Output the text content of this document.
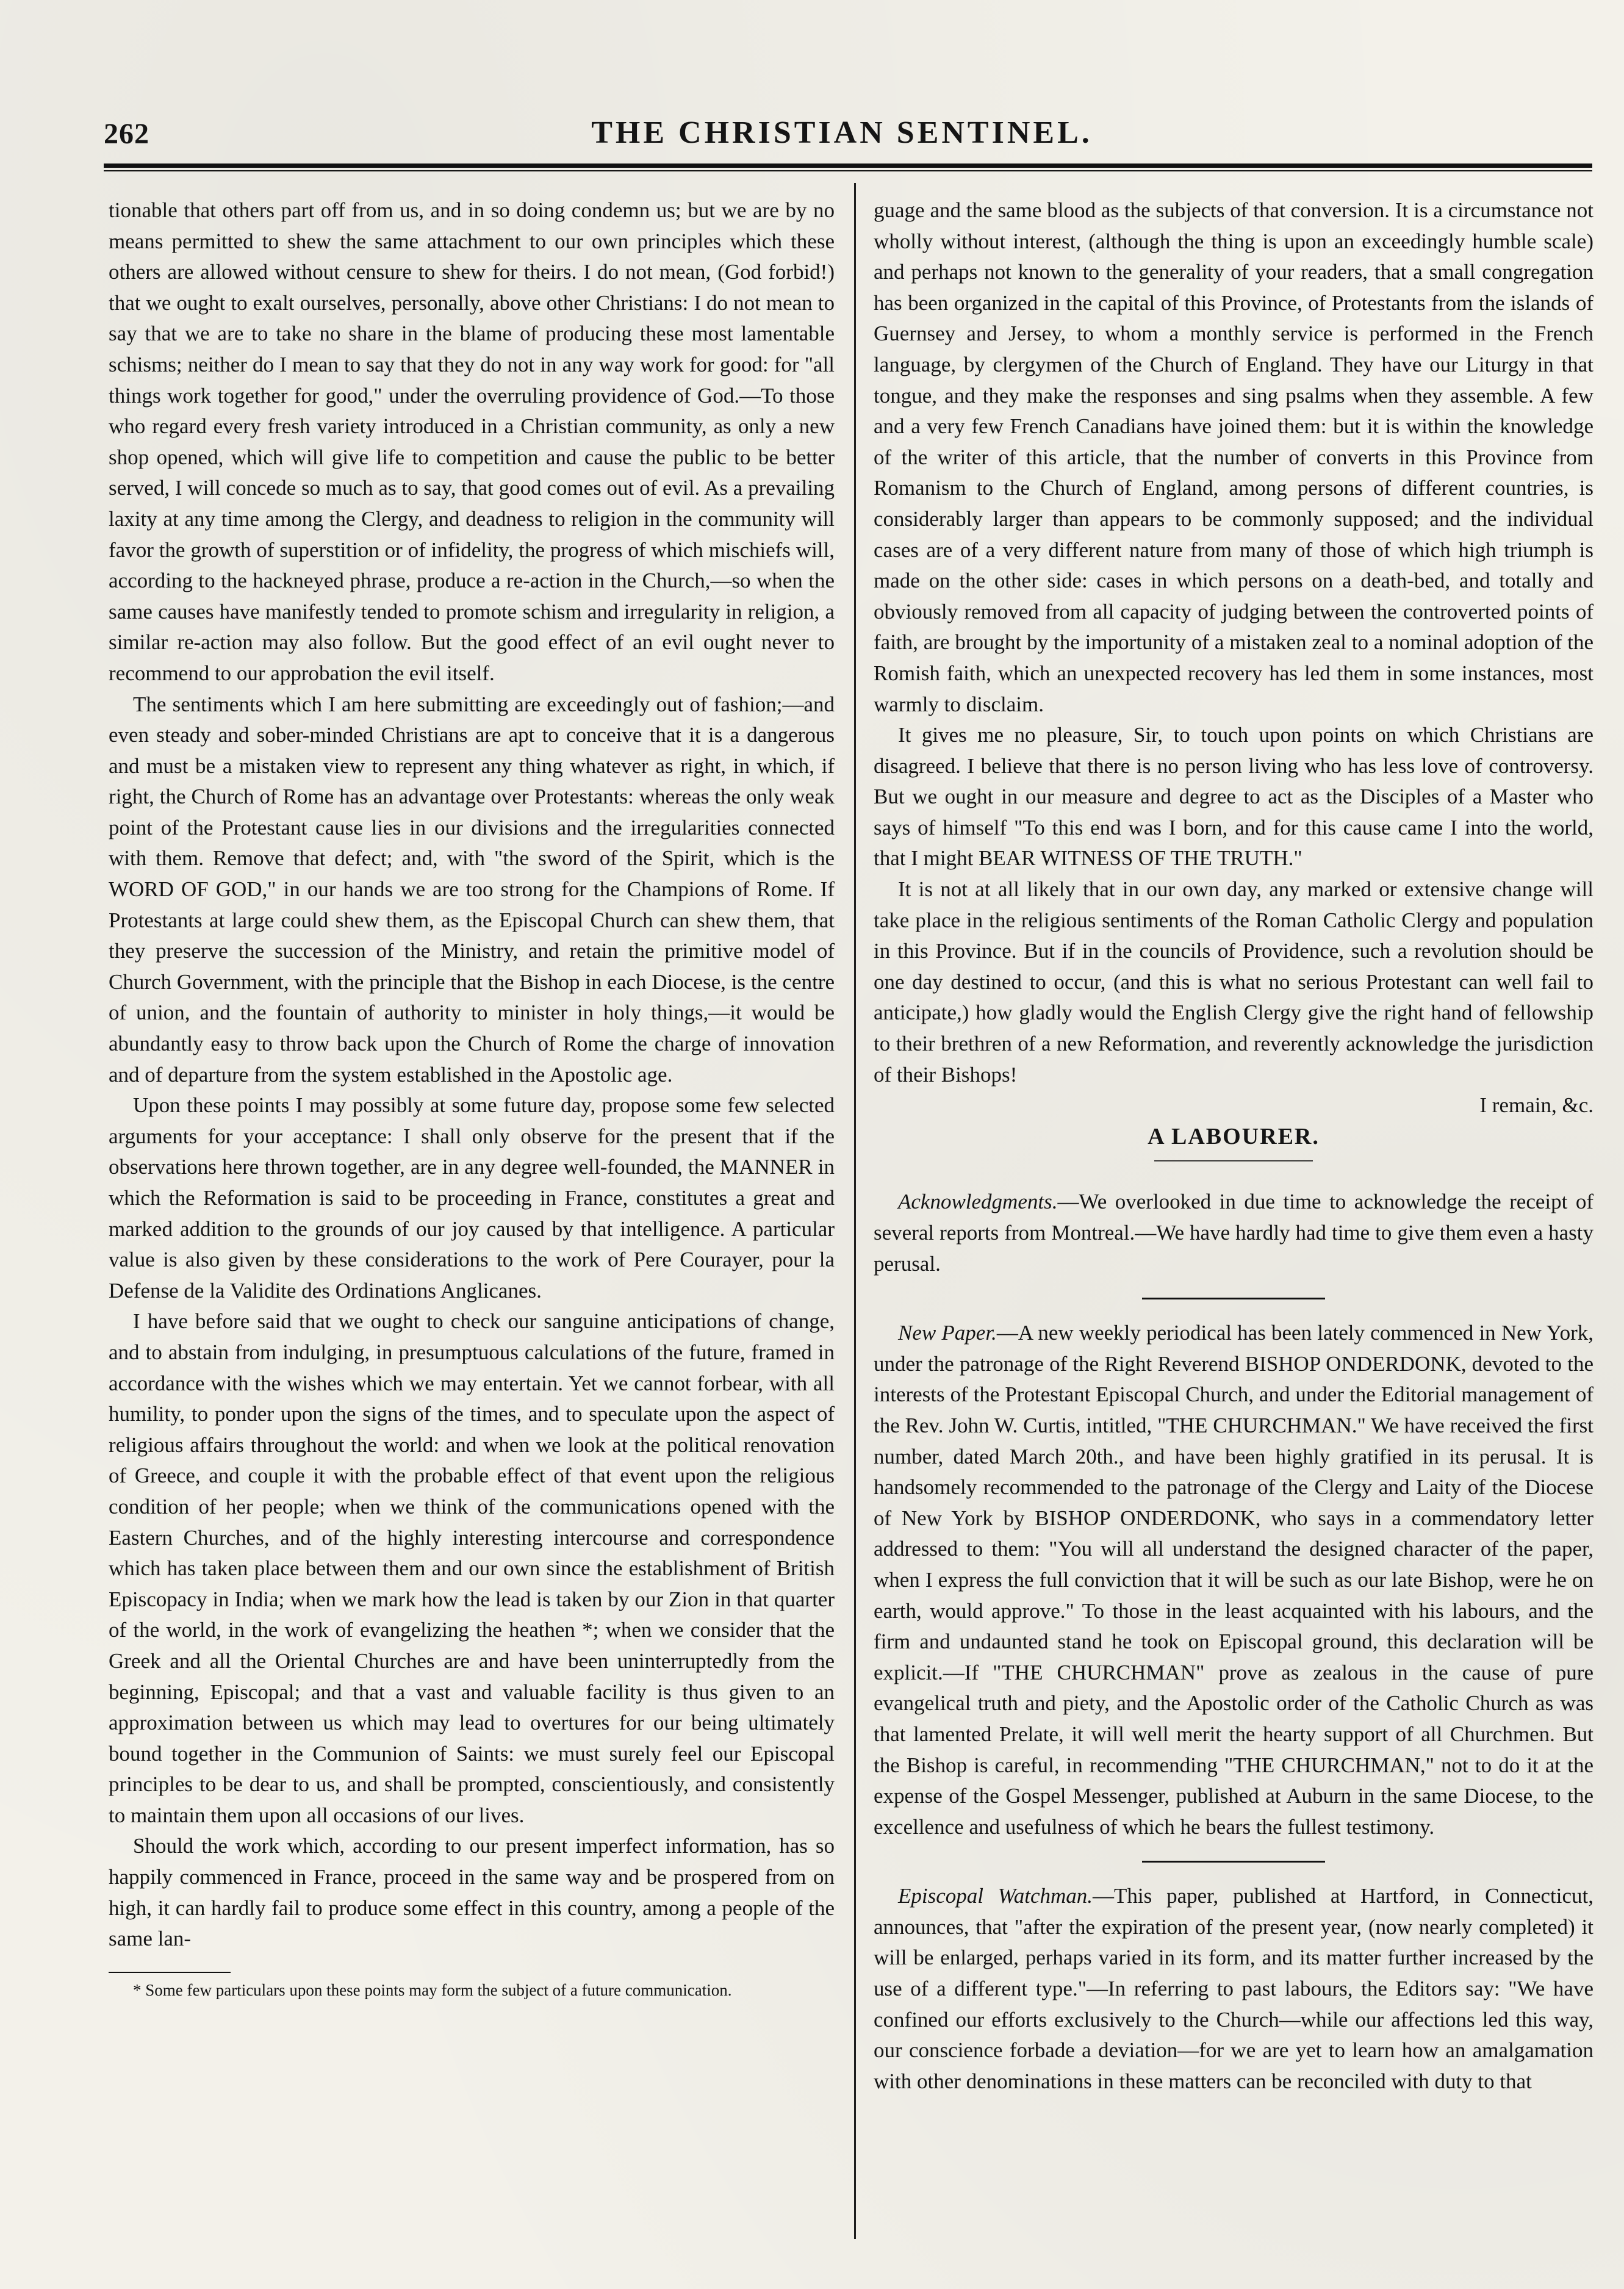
262	THE CHRISTIAN SENTINEL.

tionable that others part off from us, and in so doing condemn us; but we are by no means permitted to shew the same attachment to our own principles which these others are allowed without censure to shew for theirs. I do not mean, (God forbid!) that we ought to exalt ourselves, personally, above other Christians: I do not mean to say that we are to take no share in the blame of producing these most lamentable schisms; neither do I mean to say that they do not in any way work for good: for "all things work together for good," under the overruling providence of God.—To those who regard every fresh variety introduced in a Christian community, as only a new shop opened, which will give life to competition and cause the public to be better served, I will concede so much as to say, that good comes out of evil. As a prevailing laxity at any time among the Clergy, and deadness to religion in the community will favor the growth of superstition or of infidelity, the progress of which mischiefs will, according to the hackneyed phrase, produce a re-action in the Church,—so when the same causes have manifestly tended to promote schism and irregularity in religion, a similar re-action may also follow. But the good effect of an evil ought never to recommend to our approbation the evil itself.

The sentiments which I am here submitting are exceedingly out of fashion;—and even steady and sober-minded Christians are apt to conceive that it is a dangerous and must be a mistaken view to represent any thing whatever as right, in which, if right, the Church of Rome has an advantage over Protestants: whereas the only weak point of the Protestant cause lies in our divisions and the irregularities connected with them. Remove that defect; and, with "the sword of the Spirit, which is the WORD OF GOD," in our hands we are too strong for the Champions of Rome. If Protestants at large could shew them, as the Episcopal Church can shew them, that they preserve the succession of the Ministry, and retain the primitive model of Church Government, with the principle that the Bishop in each Diocese, is the centre of union, and the fountain of authority to minister in holy things,—it would be abundantly easy to throw back upon the Church of Rome the charge of innovation and of departure from the system established in the Apostolic age.

Upon these points I may possibly at some future day, propose some few selected arguments for your acceptance: I shall only observe for the present that if the observations here thrown together, are in any degree well-founded, the MANNER in which the Reformation is said to be proceeding in France, constitutes a great and marked addition to the grounds of our joy caused by that intelligence. A particular value is also given by these considerations to the work of Pere Courayer, pour la Defense de la Validite des Ordinations Anglicanes.

I have before said that we ought to check our sanguine anticipations of change, and to abstain from indulging, in presumptuous calculations of the future, framed in accordance with the wishes which we may entertain. Yet we cannot forbear, with all humility, to ponder upon the signs of the times, and to speculate upon the aspect of religious affairs throughout the world: and when we look at the political renovation of Greece, and couple it with the probable effect of that event upon the religious condition of her people; when we think of the communications opened with the Eastern Churches, and of the highly interesting intercourse and correspondence which has taken place between them and our own since the establishment of British Episcopacy in India; when we mark how the lead is taken by our Zion in that quarter of the world, in the work of evangelizing the heathen *; when we consider that the Greek and all the Oriental Churches are and have been uninterruptedly from the beginning, Episcopal; and that a vast and valuable facility is thus given to an approximation between us which may lead to overtures for our being ultimately bound together in the Communion of Saints: we must surely feel our Episcopal principles to be dear to us, and shall be prompted, conscientiously, and consistently to maintain them upon all occasions of our lives.

Should the work which, according to our present imperfect information, has so happily commenced in France, proceed in the same way and be prospered from on high, it can hardly fail to produce some effect in this country, among a people of the same lan-

* Some few particulars upon these points may form the subject of a future communication.

guage and the same blood as the subjects of that conversion. It is a circumstance not wholly without interest, (although the thing is upon an exceedingly humble scale) and perhaps not known to the generality of your readers, that a small congregation has been organized in the capital of this Province, of Protestants from the islands of Guernsey and Jersey, to whom a monthly service is performed in the French language, by clergymen of the Church of England. They have our Liturgy in that tongue, and they make the responses and sing psalms when they assemble. A few and a very few French Canadians have joined them: but it is within the knowledge of the writer of this article, that the number of converts in this Province from Romanism to the Church of England, among persons of different countries, is considerably larger than appears to be commonly supposed; and the individual cases are of a very different nature from many of those of which high triumph is made on the other side: cases in which persons on a death-bed, and totally and obviously removed from all capacity of judging between the controverted points of faith, are brought by the importunity of a mistaken zeal to a nominal adoption of the Romish faith, which an unexpected recovery has led them in some instances, most warmly to disclaim.

It gives me no pleasure, Sir, to touch upon points on which Christians are disagreed. I believe that there is no person living who has less love of controversy. But we ought in our measure and degree to act as the Disciples of a Master who says of himself "To this end was I born, and for this cause came I into the world, that I might BEAR WITNESS OF THE TRUTH."

It is not at all likely that in our own day, any marked or extensive change will take place in the religious sentiments of the Roman Catholic Clergy and population in this Province. But if in the councils of Providence, such a revolution should be one day destined to occur, (and this is what no serious Protestant can well fail to anticipate,) how gladly would the English Clergy give the right hand of fellowship to their brethren of a new Reformation, and reverently acknowledge the jurisdiction of their Bishops!

I remain, &c.

A LABOURER.

Acknowledgments.—We overlooked in due time to acknowledge the receipt of several reports from Montreal.—We have hardly had time to give them even a hasty perusal.

New Paper.—A new weekly periodical has been lately commenced in New York, under the patronage of the Right Reverend BISHOP ONDERDONK, devoted to the interests of the Protestant Episcopal Church, and under the Editorial management of the Rev. John W. Curtis, intitled, "THE CHURCHMAN." We have received the first number, dated March 20th., and have been highly gratified in its perusal. It is handsomely recommended to the patronage of the Clergy and Laity of the Diocese of New York by BISHOP ONDERDONK, who says in a commendatory letter addressed to them: "You will all understand the designed character of the paper, when I express the full conviction that it will be such as our late Bishop, were he on earth, would approve." To those in the least acquainted with his labours, and the firm and undaunted stand he took on Episcopal ground, this declaration will be explicit.—If "THE CHURCHMAN" prove as zealous in the cause of pure evangelical truth and piety, and the Apostolic order of the Catholic Church as was that lamented Prelate, it will well merit the hearty support of all Churchmen. But the Bishop is careful, in recommending "THE CHURCHMAN," not to do it at the expense of the Gospel Messenger, published at Auburn in the same Diocese, to the excellence and usefulness of which he bears the fullest testimony.

Episcopal Watchman.—This paper, published at Hartford, in Connecticut, announces, that "after the expiration of the present year, (now nearly completed) it will be enlarged, perhaps varied in its form, and its matter further increased by the use of a different type."—In referring to past labours, the Editors say: "We have confined our efforts exclusively to the Church—while our affections led this way, our conscience forbade a deviation—for we are yet to learn how an amalgamation with other denominations in these matters can be reconciled with duty to that
